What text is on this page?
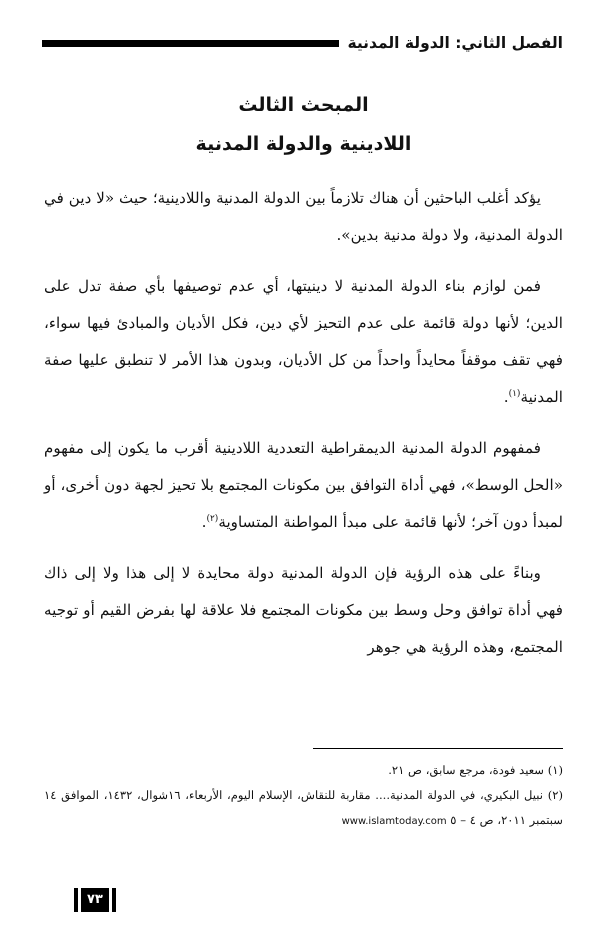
الفصل الثاني: الدولة المدنية
المبحث الثالث
اللادينية والدولة المدنية

يؤكد أغلب الباحثين أن هناك تلازماً بين الدولة المدنية واللادينية؛ حيث «لا دين في الدولة المدنية، ولا دولة مدنية بدين».

فمن لوازم بناء الدولة المدنية لا دينيتها، أي عدم توصيفها بأي صفة تدل على الدين؛ لأنها دولة قائمة على عدم التحيز لأي دين، فكل الأديان والمبادئ فيها سواء، فهي تقف موقفاً محايداً واحداً من كل الأديان، وبدون هذا الأمر لا تنطبق عليها صفة المدنية$^{(١)}$.

فمفهوم الدولة المدنية الديمقراطية التعددية اللادينية أقرب ما يكون إلى مفهوم «الحل الوسط»، فهي أداة التوافق بين مكونات المجتمع بلا تحيز لجهة دون أخرى، أو لمبدأ دون آخر؛ لأنها قائمة على مبدأ المواطنة المتساوية$^{(٢)}$.

وبناءً على هذه الرؤية فإن الدولة المدنية دولة محايدة لا إلى هذا ولا إلى ذاك فهي أداة توافق وحل وسط بين مكونات المجتمع فلا علاقة لها بفرض القيم أو توجيه المجتمع، وهذه الرؤية هي جوهر

(١) سعيد فودة، مرجع سابق، ص ٢١.

(٢) نبيل البكيري، في الدولة المدنية.... مقاربة للنقاش، الإسلام اليوم، الأربعاء، ١٦شوال، ١٤٣٢، الموافق ١٤ سبتمبر ٢٠١١، ص ٤ – ٥ www.islamtoday.com

٧٣
